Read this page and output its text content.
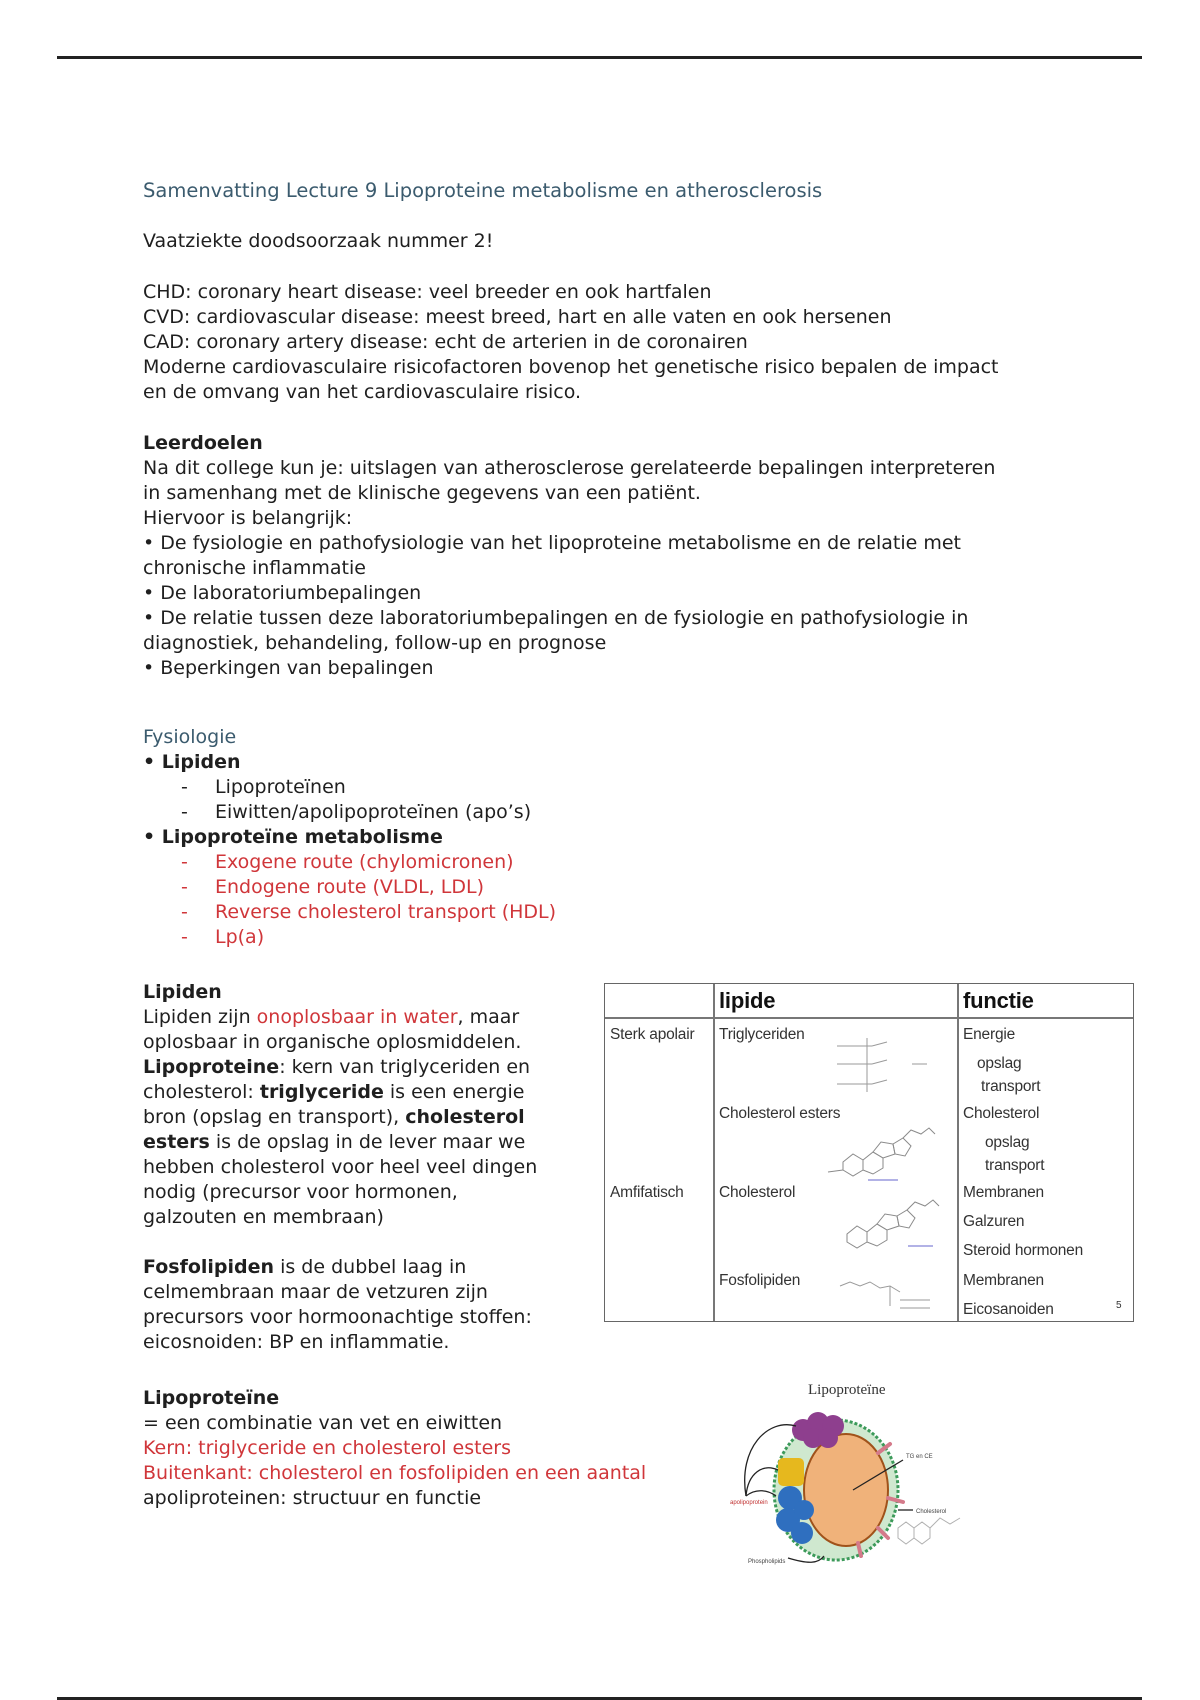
Samenvatting Lecture 9 Lipoproteine metabolisme en atherosclerosis
Vaatziekte doodsoorzaak nummer 2!
CHD: coronary heart disease: veel breeder en ook hartfalen
CVD: cardiovascular disease: meest breed, hart en alle vaten en ook hersenen
CAD: coronary artery disease: echt de arterien in de coronairen
Moderne cardiovasculaire risicofactoren bovenop het genetische risico bepalen de impact
en de omvang van het cardiovasculaire risico.
Leerdoelen
Na dit college kun je: uitslagen van atherosclerose gerelateerde bepalingen interpreteren
in samenhang met de klinische gegevens van een patiënt.
Hiervoor is belangrijk:
• De fysiologie en pathofysiologie van het lipoproteine metabolisme en de relatie met
chronische inflammatie
• De laboratoriumbepalingen
• De relatie tussen deze laboratoriumbepalingen en de fysiologie en pathofysiologie in
diagnostiek, behandeling, follow-up en prognose
• Beperkingen van bepalingen
Fysiologie
• Lipiden
- Lipoproteïnen
- Eiwitten/apolipoproteïnen (apo’s)
• Lipoproteïne metabolisme
- Exogene route (chylomicronen)
- Endogene route (VLDL, LDL)
- Reverse cholesterol transport (HDL)
- Lp(a)
Lipiden
Lipiden zijn onoplosbaar in water, maar
oplosbaar in organische oplosmiddelen.
Lipoproteine: kern van triglyceriden en
cholesterol: triglyceride is een energie
bron (opslag en transport), cholesterol
esters is de opslag in de lever maar we
hebben cholesterol voor heel veel dingen
nodig (precursor voor hormonen,
galzouten en membraan)
Fosfolipiden is de dubbel laag in
celmembraan maar de vetzuren zijn
precursors voor hormoonachtige stoffen:
eicosnoiden: BP en inflammatie.
lipide	functie
Sterk apolair
Amfifatisch
Triglyceriden
Cholesterol esters
Cholesterol
Fosfolipiden
Energie
opslag
transport
Cholesterol
opslag
transport
Membranen
Galzuren
Steroid hormonen
Membranen
Eicosanoiden	5
Lipoproteïne
= een combinatie van vet en eiwitten
Kern: triglyceride en cholesterol esters
Buitenkant: cholesterol en fosfolipiden en een aantal
apoliproteinen: structuur en functie
Lipoproteïne
TG en CE
Cholesterol
apolipoprotein
Phospholipids
